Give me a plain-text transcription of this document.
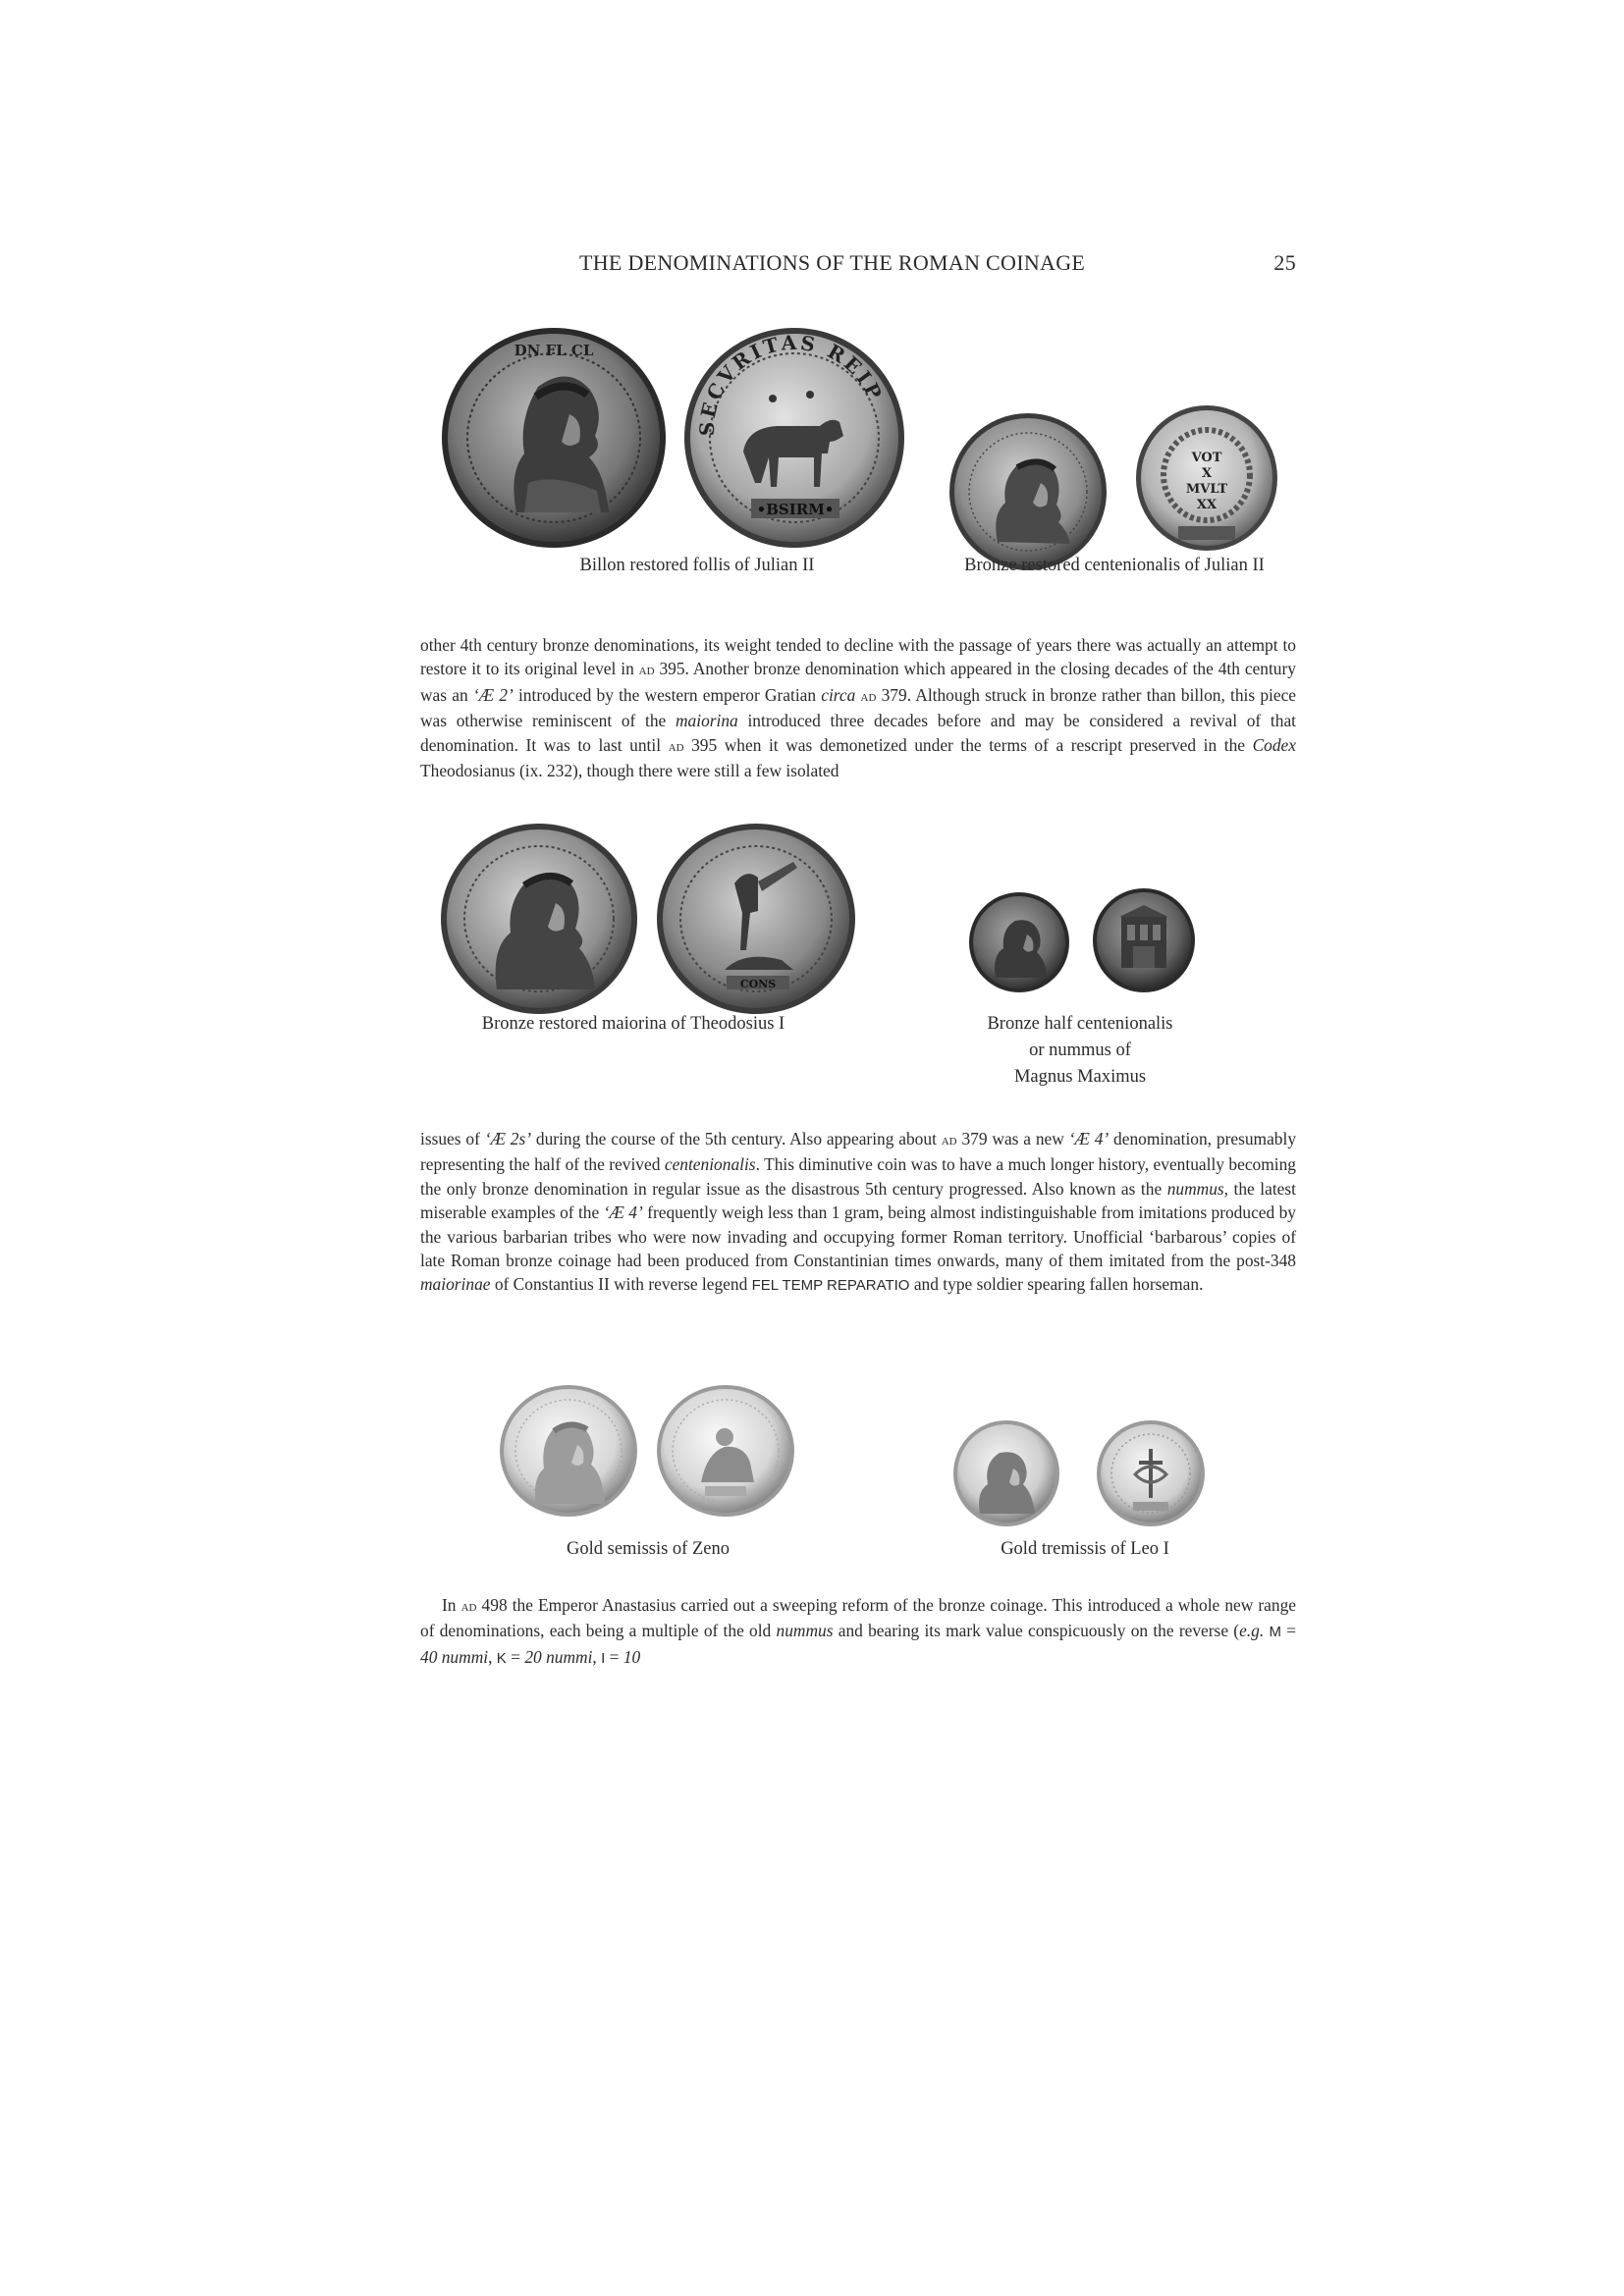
THE DENOMINATIONS OF THE ROMAN COINAGE	25
DN FL CL
SECVRITAS REIP
•BSIRM•
VOT
X
MVLT
XX
Billon restored follis of Julian II	Bronze restored centenionalis of Julian II
other 4th century bronze denominations, its weight tended to decline with the passage of years there was actually an attempt to restore it to its original level in ad 395. Another bronze denomination which appeared in the closing decades of the 4th century was an ‘Æ 2’ introduced by the western emperor Gratian circa ad 379. Although struck in bronze rather than billon, this piece was otherwise reminiscent of the maiorina introduced three decades before and may be considered a revival of that denomination. It was to last until ad 395 when it was demonetized under the terms of a rescript preserved in the Codex Theodosianus (ix. 232), though there were still a few isolated
CONS
Bronze restored maiorina of Theodosius I	Bronze half centenionalis
or nummus of
Magnus Maximus
issues of ‘Æ 2s’ during the course of the 5th century. Also appearing about ad 379 was a new ‘Æ 4’ denomination, presumably representing the half of the revived centenionalis. This diminutive coin was to have a much longer history, eventually becoming the only bronze denomination in regular issue as the disastrous 5th century progressed. Also known as the nummus, the latest miserable examples of the ‘Æ 4’ frequently weigh less than 1 gram, being almost indistinguishable from imitations produced by the various barbarian tribes who were now invading and occupying former Roman territory. Unofficial ‘barbarous’ copies of late Roman bronze coinage had been produced from Constantinian times onwards, many of them imitated from the post-348 maiorinae of Constantius II with reverse legend FEL TEMP REPARATIO and type soldier spearing fallen horseman.
Gold semissis of Zeno	Gold tremissis of Leo I
In ad 498 the Emperor Anastasius carried out a sweeping reform of the bronze coinage. This introduced a whole new range of denominations, each being a multiple of the old nummus and bearing its mark value conspicuously on the reverse (e.g. M = 40 nummi, K = 20 nummi, I = 10
